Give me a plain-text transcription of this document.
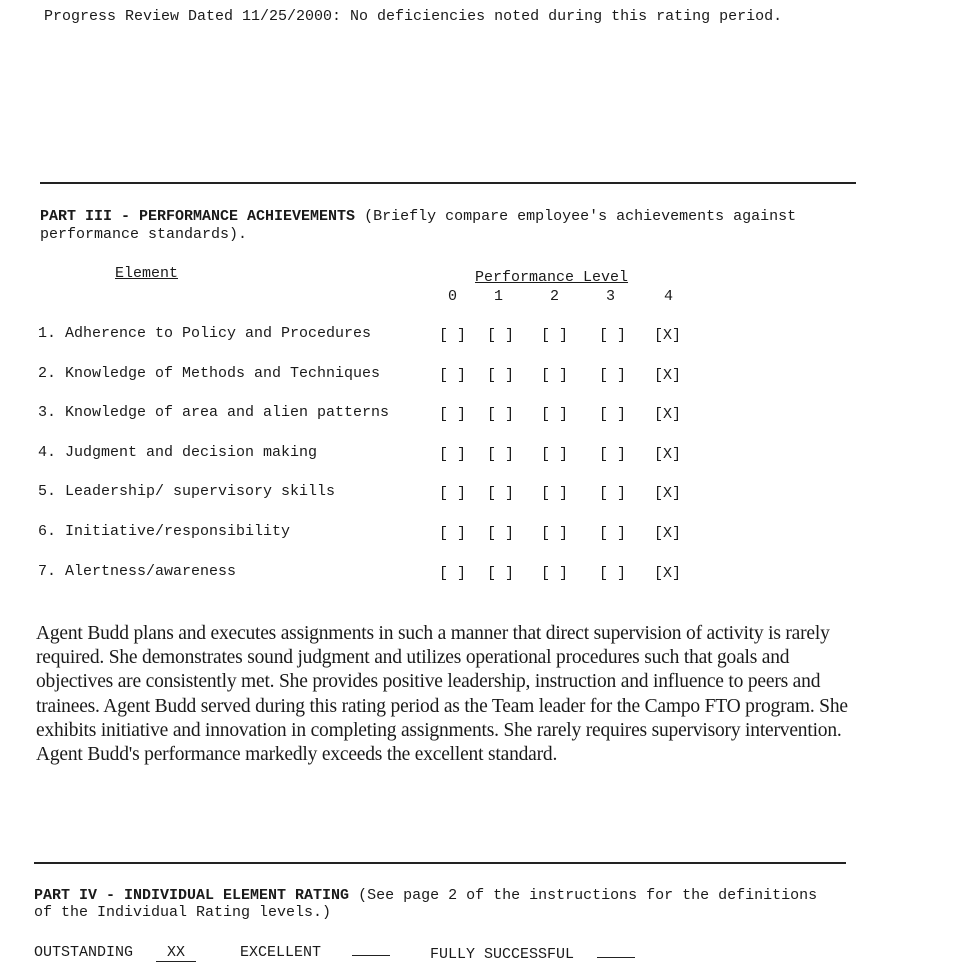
Progress Review Dated 11/25/2000: No deficiencies noted during this rating period.
PART III - PERFORMANCE ACHIEVEMENTS (Briefly compare employee's achievements against
performance standards).
Element	Performance Level
0 1	2	3	4
1. Adherence to Policy and Procedures	[ ] [ ] [ ] [ ] [X]
2. Knowledge of Methods and Techniques	[ ] [ ] [ ] [ ] [X]
3. Knowledge of area and alien patterns	[ ] [ ] [ ] [ ] [X]
4. Judgment and decision making	[ ] [ ] [ ] [ ] [X]
5. Leadership/ supervisory skills	[ ] [ ] [ ] [ ] [X]
6. Initiative/responsibility	[ ] [ ] [ ] [ ] [X]
7. Alertness/awareness	[ ] [ ] [ ] [ ] [X]
Agent Budd plans and executes assignments in such a manner that direct supervision of activity is rarely required. She demonstrates sound judgment and utilizes operational procedures such that goals and objectives are consistently met. She provides positive leadership, instruction and influence to peers and trainees. Agent Budd served during this rating period as the Team leader for the Campo FTO program. She exhibits initiative and innovation in completing assignments. She rarely requires supervisory intervention. Agent Budd's performance markedly exceeds the excellent standard.
PART IV - INDIVIDUAL ELEMENT RATING (See page 2 of the instructions for the definitions
of the Individual Rating levels.)
OUTSTANDING XX	EXCELLENT	FULLY SUCCESSFUL
